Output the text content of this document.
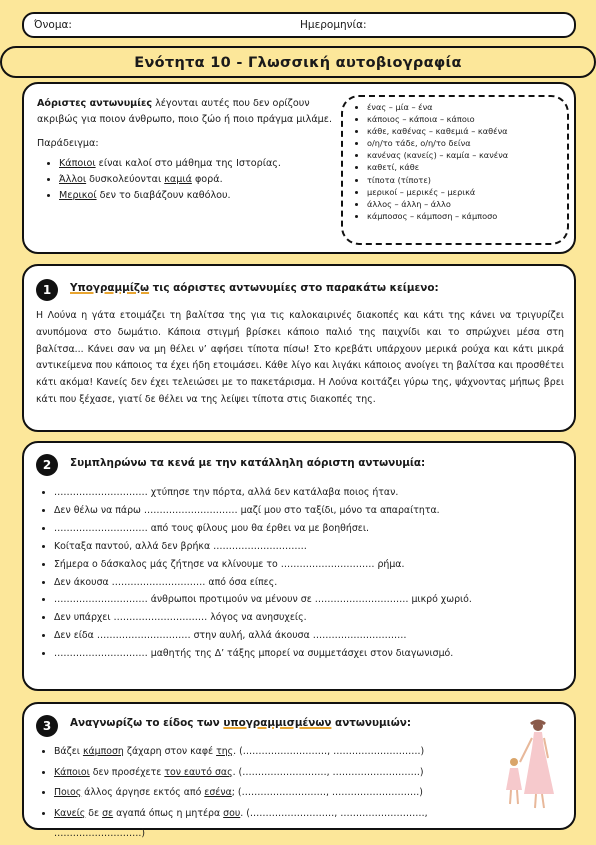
Όνομα:	Ημερομηνία:
Ενότητα 10 - Γλωσσική αυτοβιογραφία

Αόριστες αντωνυμίες λέγονται αυτές που δεν ορίζουν ακριβώς για ποιον άνθρωπο, ποιο ζώο ή ποιο πράγμα μιλάμε.

Παράδειγμα:

• Κάποιοι είναι καλοί στο μάθημα της Ιστορίας.
• Άλλοι δυσκολεύονται καμιά φορά.
• Μερικοί δεν το διαβάζουν καθόλου.
• ένας – μία – ένα
• κάποιος – κάποια – κάποιο
• κάθε, καθένας – καθεμιά – καθένα
• ο/η/το τάδε, ο/η/το δείνα
• κανένας (κανείς) – καμία – κανένα
• καθετί, κάθε
• τίποτα (τίποτε)
• μερικοί – μερικές – μερικά
• άλλος – άλλη – άλλο
• κάμποσος – κάμποση – κάμποσο
1	Υπογραμμίζω τις αόριστες αντωνυμίες στο παρακάτω κείμενο:

Η Λούνα η γάτα ετοιμάζει τη βαλίτσα της για τις καλοκαιρινές διακοπές και κάτι της κάνει να τριγυρίζει ανυπόμονα στο δωμάτιο. Κάποια στιγμή βρίσκει κάποιο παλιό της παιχνίδι και το σπρώχνει μέσα στη βαλίτσα... Κάνει σαν να μη θέλει ν’ αφήσει τίποτα πίσω! Στο κρεβάτι υπάρχουν μερικά ρούχα και κάτι μικρά αντικείμενα που κάποιος τα έχει ήδη ετοιμάσει. Κάθε λίγο και λιγάκι κάποιος ανοίγει τη βαλίτσα και προσθέτει κάτι ακόμα! Κανείς δεν έχει τελειώσει με το πακετάρισμα. Η Λούνα κοιτάζει γύρω της, ψάχνοντας μήπως βρει κάτι που ξέχασε, γιατί δε θέλει να της λείψει τίποτα στις διακοπές της.

2	Συμπληρώνω τα κενά με την κατάλληλη αόριστη αντωνυμία:
• ………………………… χτύπησε την πόρτα, αλλά δεν κατάλαβα ποιος ήταν.
• Δεν θέλω να πάρω ………………………… μαζί μου στο ταξίδι, μόνο τα απαραίτητα.
• ………………………… από τους φίλους μου θα έρθει να με βοηθήσει.
• Κοίταξα παντού, αλλά δεν βρήκα …………………………
• Σήμερα ο δάσκαλος μάς ζήτησε να κλίνουμε το ………………………… ρήμα.
• Δεν άκουσα ………………………… από όσα είπες.
• ………………………… άνθρωποι προτιμούν να μένουν σε ………………………… μικρό χωριό.
• Δεν υπάρχει ………………………… λόγος να ανησυχείς.
• Δεν είδα ………………………… στην αυλή, αλλά άκουσα …………………………
• ………………………… μαθητής της Δ’ τάξης μπορεί να συμμετάσχει στον διαγωνισμό.
3	Αναγνωρίζω το είδος των υπογραμμισμένων αντωνυμιών:
• Βάζει κάμποση ζάχαρη στον καφέ της. (………………………, ……………………….)
• Κάποιοι δεν προσέχετε τον εαυτό σας. (………………………, ……………………….)
• Ποιος άλλος άργησε εκτός από εσένα; (………………………, ……………………….)
• Κανείς δε σε αγαπά όπως η μητέρα σου. (………………………, ………………………, ……………………….)
